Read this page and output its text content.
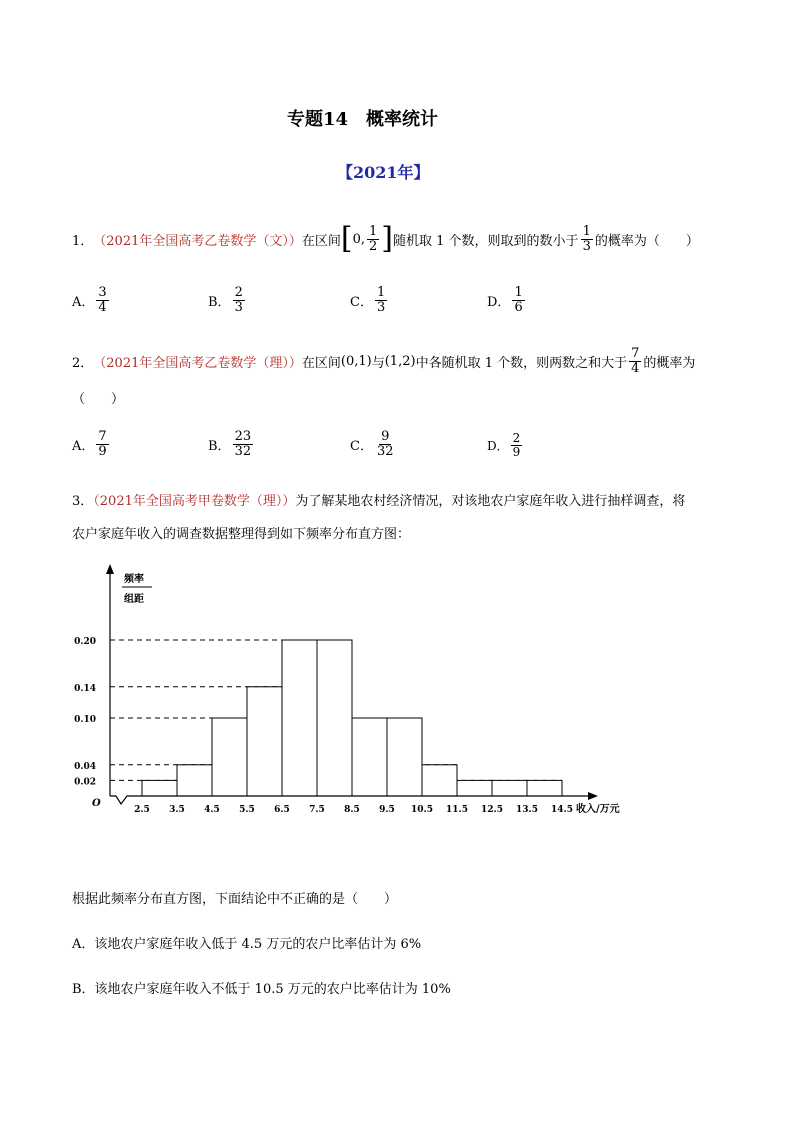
专题14　概率统计
【2021年】
1． （2021年全国高考乙卷数学（文）） 在区间 [ 0, $\frac{1}{2}$ ] 随机取 1 个数，则取到的数小于 $\frac{1}{3}$ 的概率为（　　）
A． $\frac{3}{4}$	B． $\frac{2}{3}$	C． $\frac{1}{3}$	D． $\frac{1}{6}$
2． （2021年全国高考乙卷数学（理）） 在区间 (0,1) 与 (1,2) 中各随机取 1 个数，则两数之和大于 $\frac{7}{4}$ 的概率为
（　　）
A． $\frac{7}{9}$	B． $\frac{23}{32}$	C． $\frac{9}{32}$	D． $\frac{2}{9}$
3．（2021年全国高考甲卷数学（理））为了解某地农村经济情况，对该地农户家庭年收入进行抽样调查，将
农户家庭年收入的调查数据整理得到如下频率分布直方图：
0.20
0.14
0.10
0.04
0.02
2.5 3.5 4.5 5.5 6.5 7.5 8.5 9.5 10.5 11.5 12.5 13.5 14.5
频率
组距
收入/万元
O
根据此频率分布直方图，下面结论中不正确的是（　　）
A．该地农户家庭年收入低于 4.5 万元的农户比率估计为 6%
B．该地农户家庭年收入不低于 10.5 万元的农户比率估计为 10%
